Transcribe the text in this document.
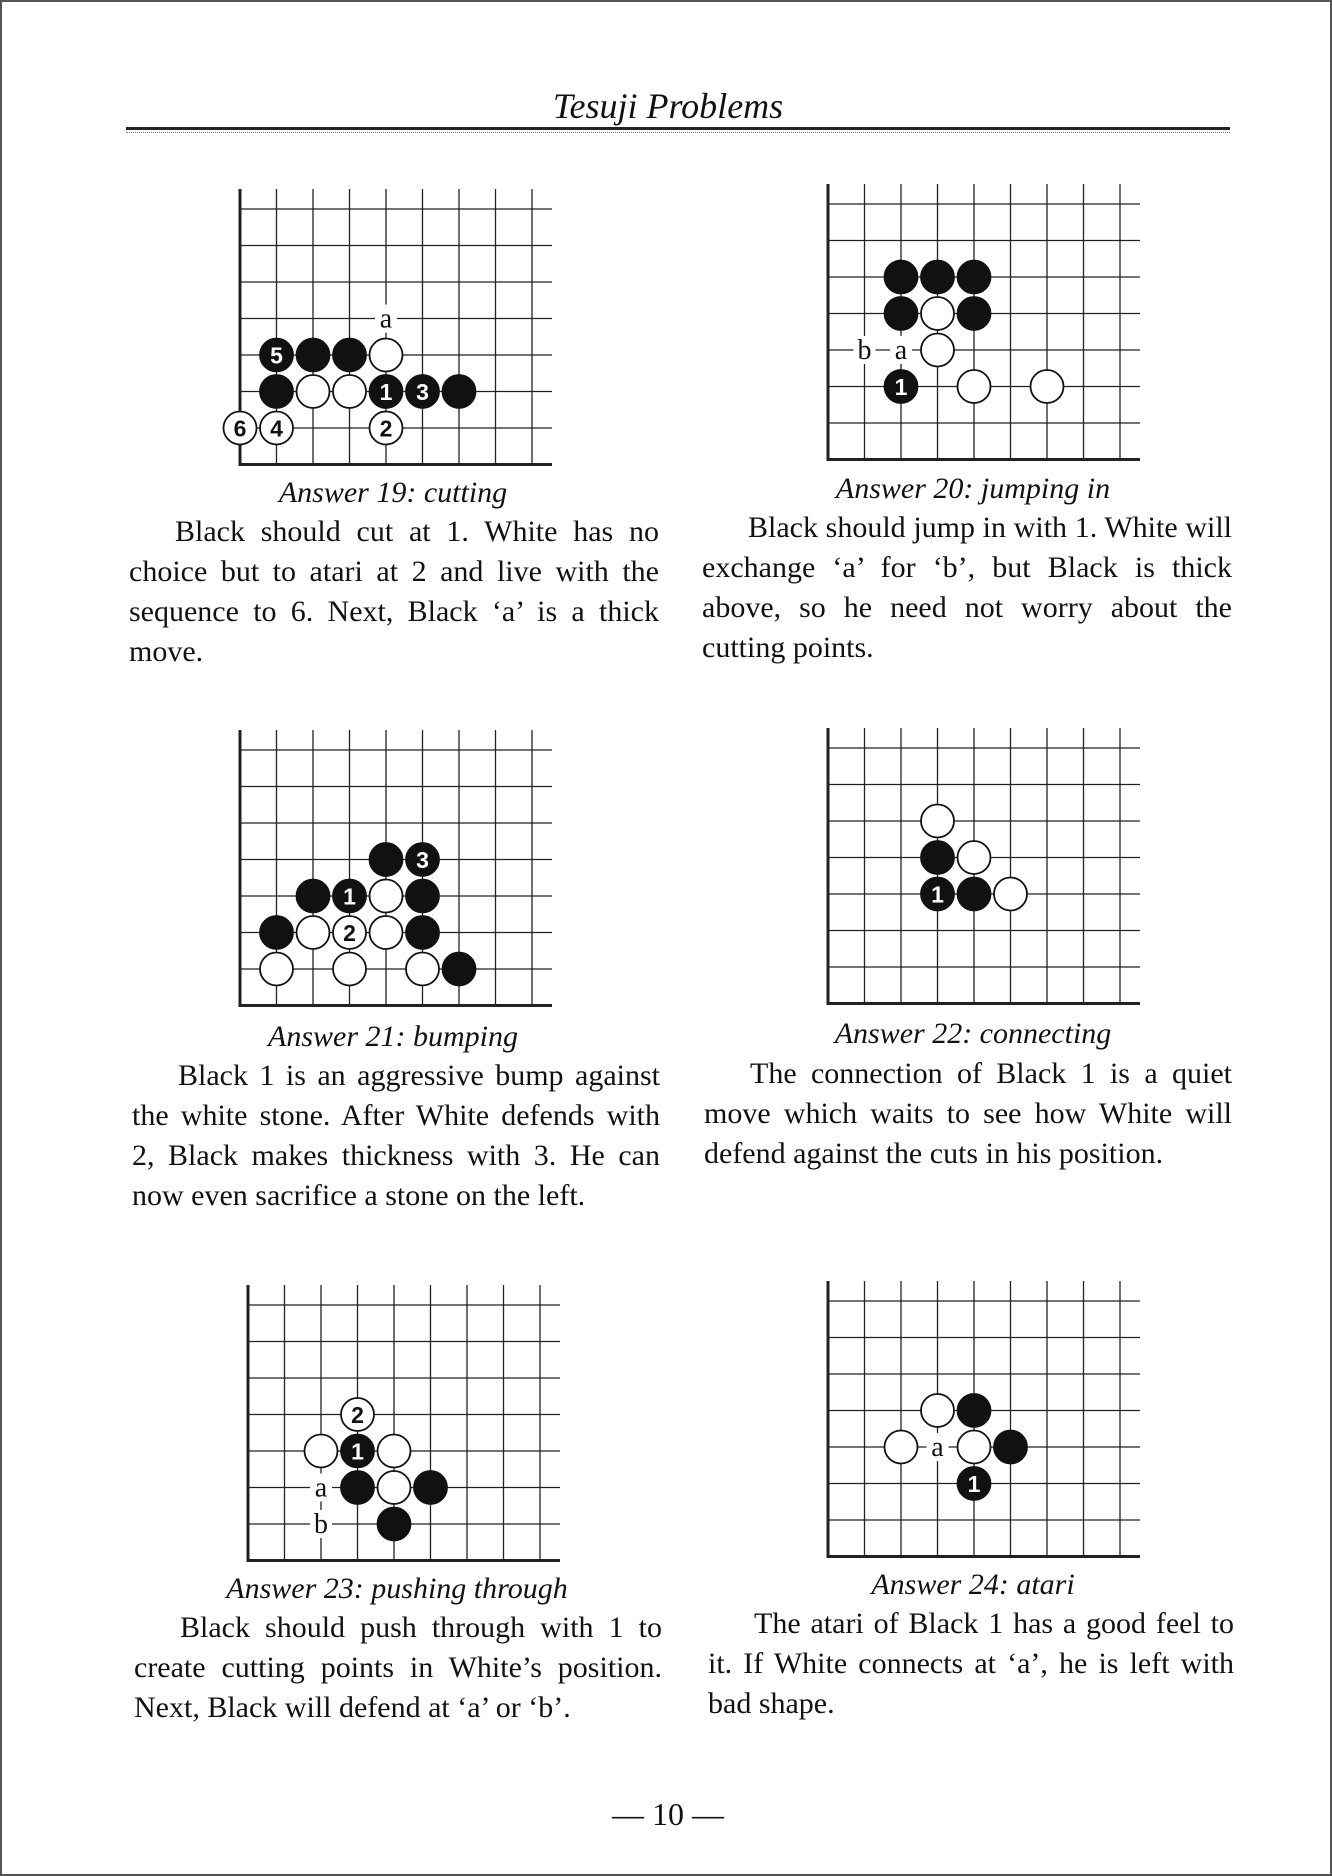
Tesuji Problems
a
5
1 3
6 4	2
Answer 19: cutting

Black should cut at 1. White has no choice but to atari at 2 and live with the sequence to 6. Next, Black ‘a’ is a thick move.

b a
1
Answer 20: jumping in

Black should jump in with 1. White will exchange ‘a’ for ‘b’, but Black is thick above, so he need not worry about the cutting points.

3
1
2
Answer 21: bumping

Black 1 is an aggressive bump against the white stone. After White defends with 2, Black makes thickness with 3. He can now even sacrifice a stone on the left.

1
Answer 22: connecting

The connection of Black 1 is a quiet move which waits to see how White will defend against the cuts in his position.

a
b
2
1
Answer 23: pushing through

Black should push through with 1 to create cutting points in White’s position. Next, Black will defend at ‘a’ or ‘b’.

a
1
Answer 24: atari

The atari of Black 1 has a good feel to it. If White connects at ‘a’, he is left with bad shape.

— 10 —
